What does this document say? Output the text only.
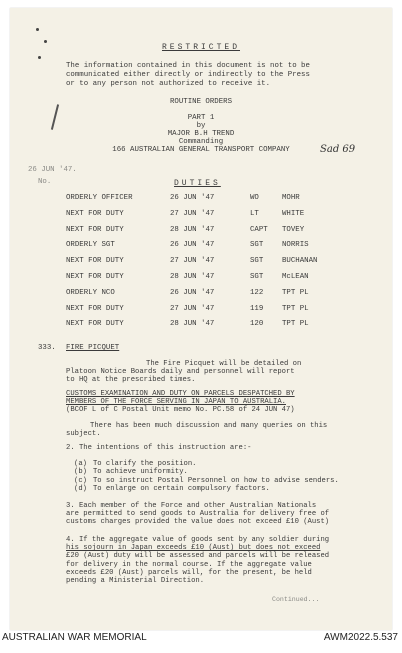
RESTRICTED
The information contained in this document is not to be
communicated either directly or indirectly to the Press
or to any person not authorized to receive it.
ROUTINE ORDERS
PART 1
by
MAJOR B.H TREND
Commanding
166 AUSTRALIAN GENERAL TRANSPORT COMPANY	Sad 69
26 JUN '47.
No.	DUTIES
ORDERLY OFFICER	26 JUN '47	WO	MOHR
NEXT FOR DUTY	27 JUN '47	LT	WHITE
NEXT FOR DUTY	28 JUN '47	CAPT TOVEY
ORDERLY SGT	26 JUN '47	SGT	NORRIS
NEXT FOR DUTY	27 JUN '47	SGT	BUCHANAN
NEXT FOR DUTY	28 JUN '47	SGT	McLEAN
ORDERLY NCO	26 JUN '47	122	TPT PL
NEXT FOR DUTY	27 JUN '47	119	TPT PL
NEXT FOR DUTY	28 JUN '47	120	TPT PL
333. FIRE PICQUET

The Fire Picquet will be detailed on

Platoon Notice Boards daily and personnel will report

to HQ at the prescribed times.

CUSTOMS EXAMINATION AND DUTY ON PARCELS DESPATCHED BY

MEMBERS OF THE FORCE SERVING IN JAPAN TO AUSTRALIA.

(BCOF L of C Postal Unit memo No. PC.58 of 24 JUN 47)

There has been much discussion and many queries on this

subject.

2. The intentions of this instruction are:-
(a) To clarify the position.
(b) To achieve uniformity.
(c) To so instruct Postal Personnel on how to advise senders.
(d) To enlarge on certain compulsory factors.

3. Each member of the Force and other Australian Nationals

are permitted to send goods to Australia for delivery free of

customs charges provided the value does not exceed £10 (Aust)

4. If the aggregate value of goods sent by any soldier during

his sojourn in Japan exceeds £10 (Aust) but does not exceed

£20 (Aust) duty will be assessed and parcels will be released

for delivery in the normal course. If the aggregate value

exceeds £20 (Aust) parcels will, for the present, be held

pending a Ministerial Direction.

Continued...
AUSTRALIAN WAR MEMORIAL	AWM2022.5.537
